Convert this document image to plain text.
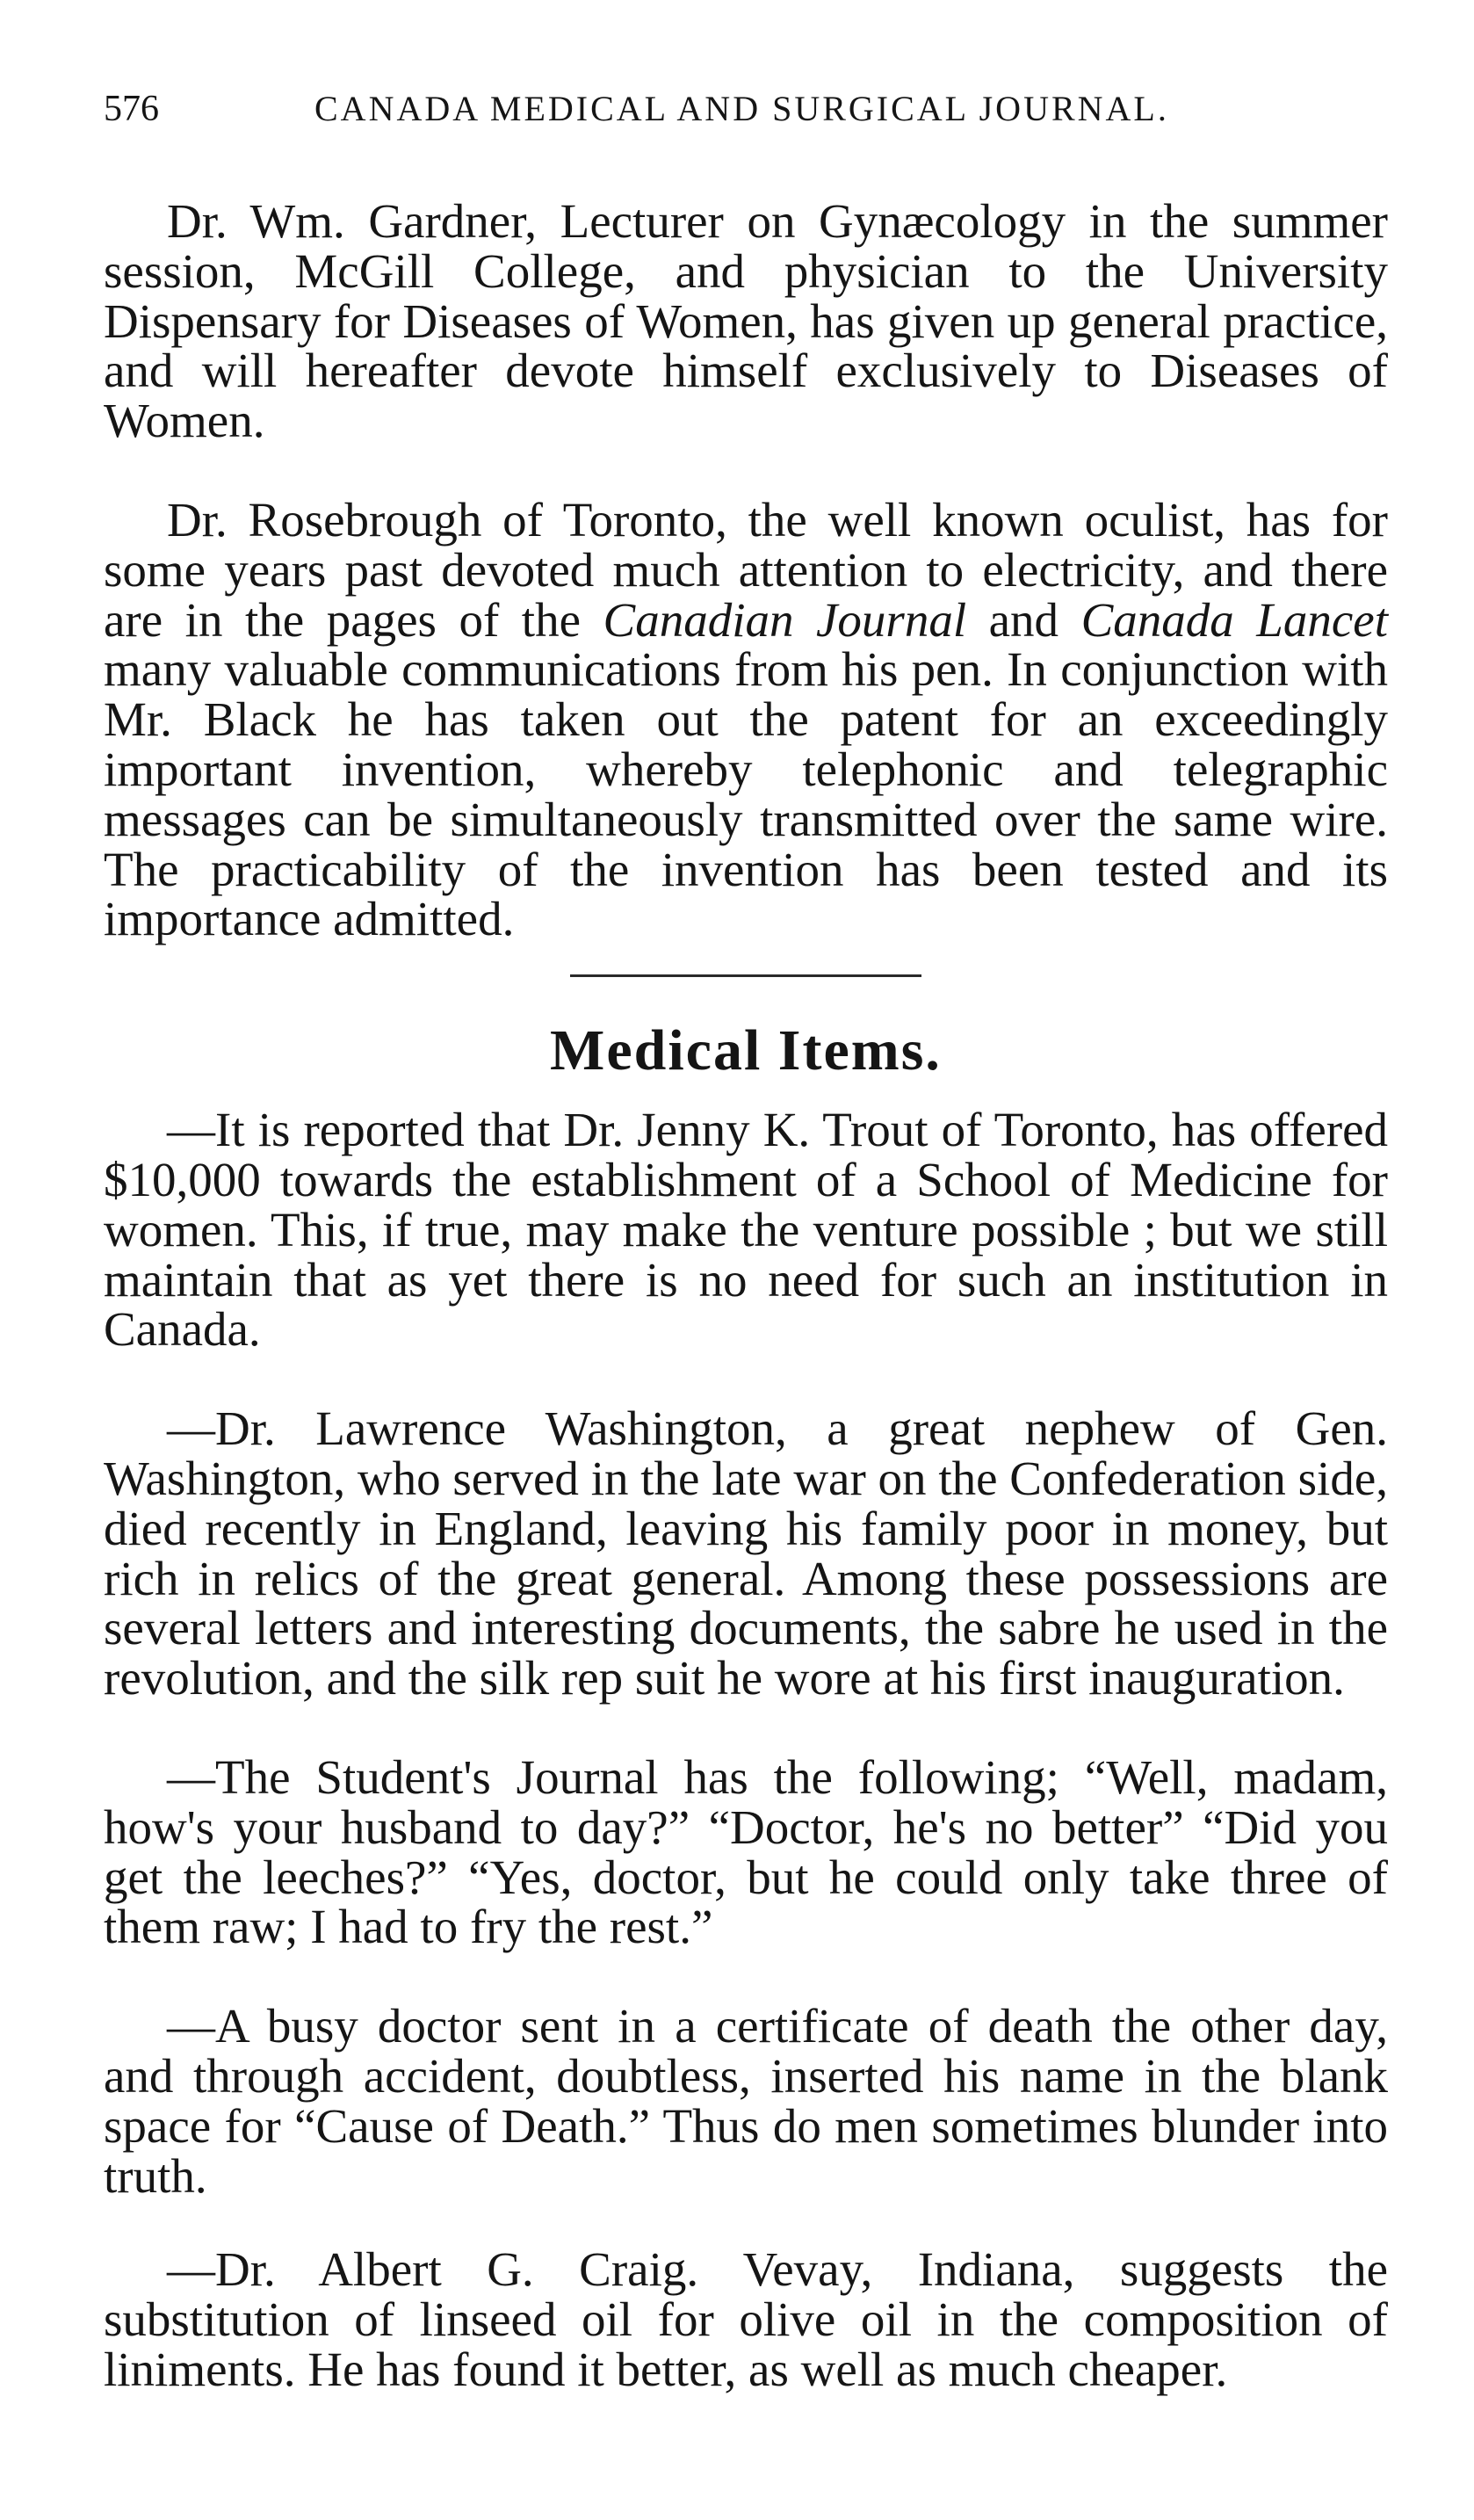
576	CANADA MEDICAL AND SURGICAL JOURNAL.

Dr. Wm. Gardner, Lecturer on Gynæcology in the summer session, McGill College, and physician to the University Dispensary for Diseases of Women, has given up general practice, and will hereafter devote himself exclusively to Diseases of Women.

Dr. Rosebrough of Toronto, the well known oculist, has for some years past devoted much attention to electricity, and there are in the pages of the Canadian Journal and Canada Lancet many valuable communications from his pen. In conjunction with Mr. Black he has taken out the patent for an exceedingly important invention, whereby telephonic and telegraphic messages can be simultaneously transmitted over the same wire. The practicability of the invention has been tested and its importance admitted.

Medical Items.

—It is reported that Dr. Jenny K. Trout of Toronto, has offered $10,000 towards the establishment of a School of Medicine for women. This, if true, may make the venture possible ; but we still maintain that as yet there is no need for such an institution in Canada.

—Dr. Lawrence Washington, a great nephew of Gen. Washington, who served in the late war on the Confederation side, died recently in England, leaving his family poor in money, but rich in relics of the great general. Among these possessions are several letters and interesting documents, the sabre he used in the revolution, and the silk rep suit he wore at his first inauguration.

—The Student's Journal has the following; “Well, madam, how's your husband to day?” “Doctor, he's no better” “Did you get the leeches?” “Yes, doctor, but he could only take three of them raw; I had to fry the rest.”

—A busy doctor sent in a certificate of death the other day, and through accident, doubtless, inserted his name in the blank space for “Cause of Death.” Thus do men sometimes blunder into truth.

—Dr. Albert G. Craig. Vevay, Indiana, suggests the substitution of linseed oil for olive oil in the composition of liniments. He has found it better, as well as much cheaper.
